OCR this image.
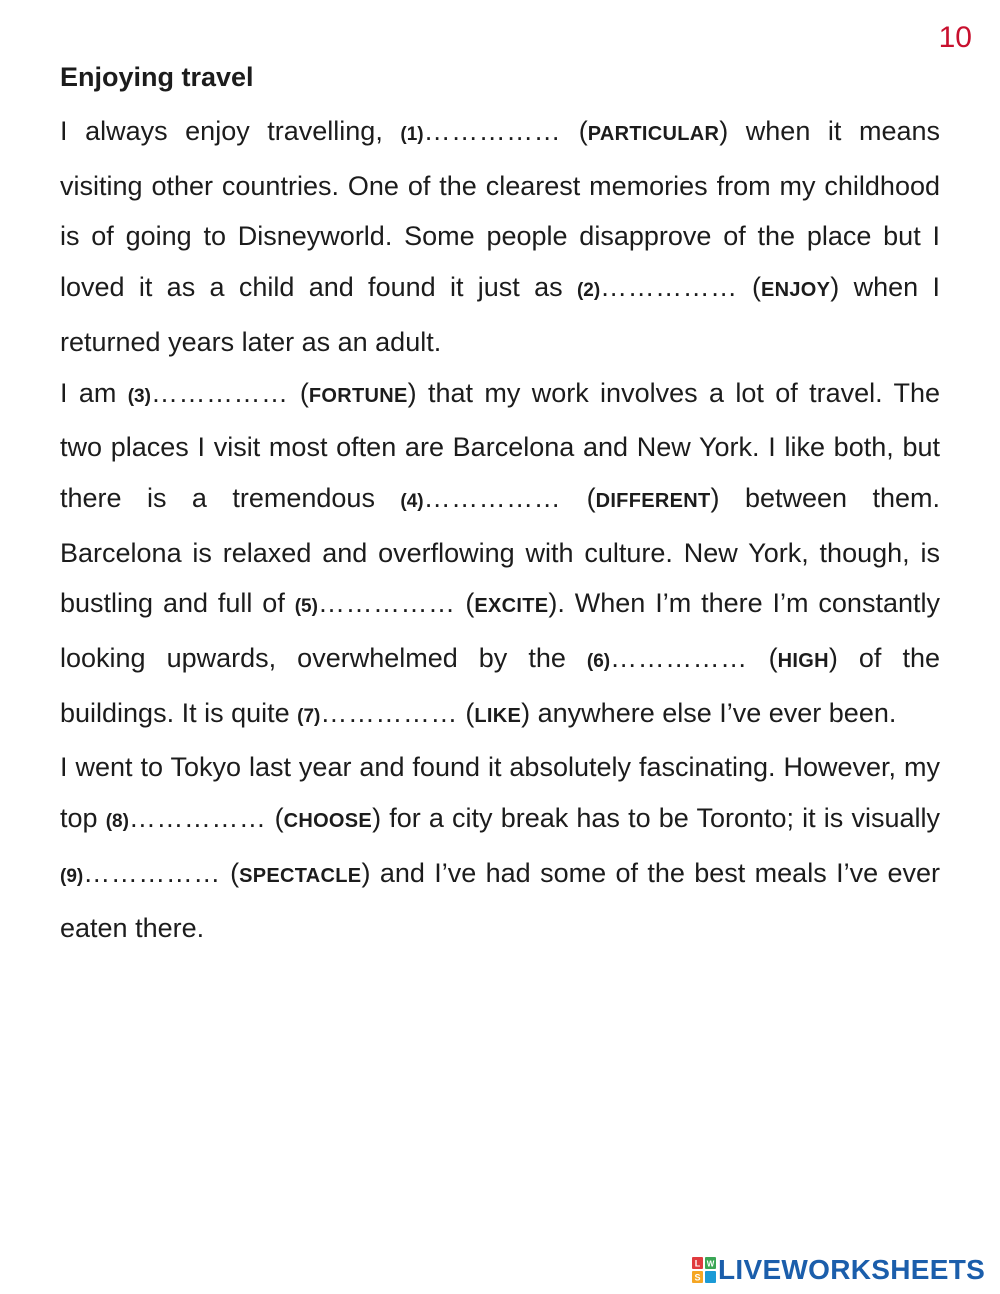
10
Enjoying travel

I always enjoy travelling, (1)…………… (PARTICULAR) when it means visiting other countries. One of the clearest memories from my childhood is of going to Disneyworld. Some people disapprove of the place but I loved it as a child and found it just as (2)…………… (ENJOY) when I returned years later as an adult.

I am (3)…………… (FORTUNE) that my work involves a lot of travel. The two places I visit most often are Barcelona and New York. I like both, but there is a tremendous (4)…………… (DIFFERENT) between them. Barcelona is relaxed and overflowing with culture. New York, though, is bustling and full of (5)…………… (EXCITE). When I’m there I’m constantly looking upwards, overwhelmed by the (6)…………… (HIGH) of the buildings. It is quite (7)…………… (LIKE) anywhere else I’ve ever been.

I went to Tokyo last year and found it absolutely fascinating. However, my top (8)…………… (CHOOSE) for a city break has to be Toronto; it is visually (9)…………… (SPECTACLE) and I’ve had some of the best meals I’ve ever eaten there.

L W
S LIVEWORKSHEETS
